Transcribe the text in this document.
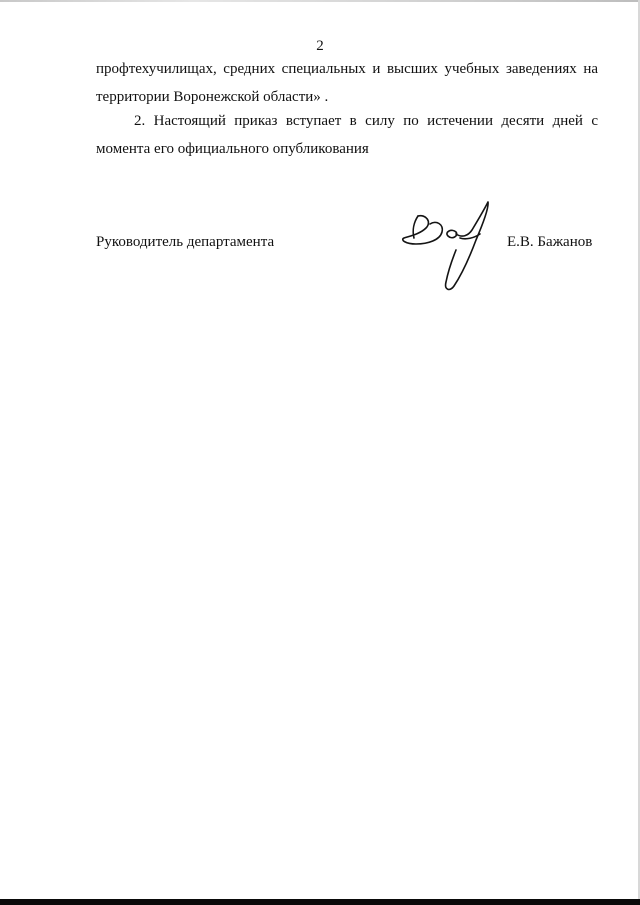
2

профтехучилищах, средних специальных и высших учебных заведениях на
территории Воронежской области» .

2. Настоящий приказ вступает в силу по истечении десяти дней с
момента его официального опубликования

Руководитель департамента	Е.В. Бажанов
